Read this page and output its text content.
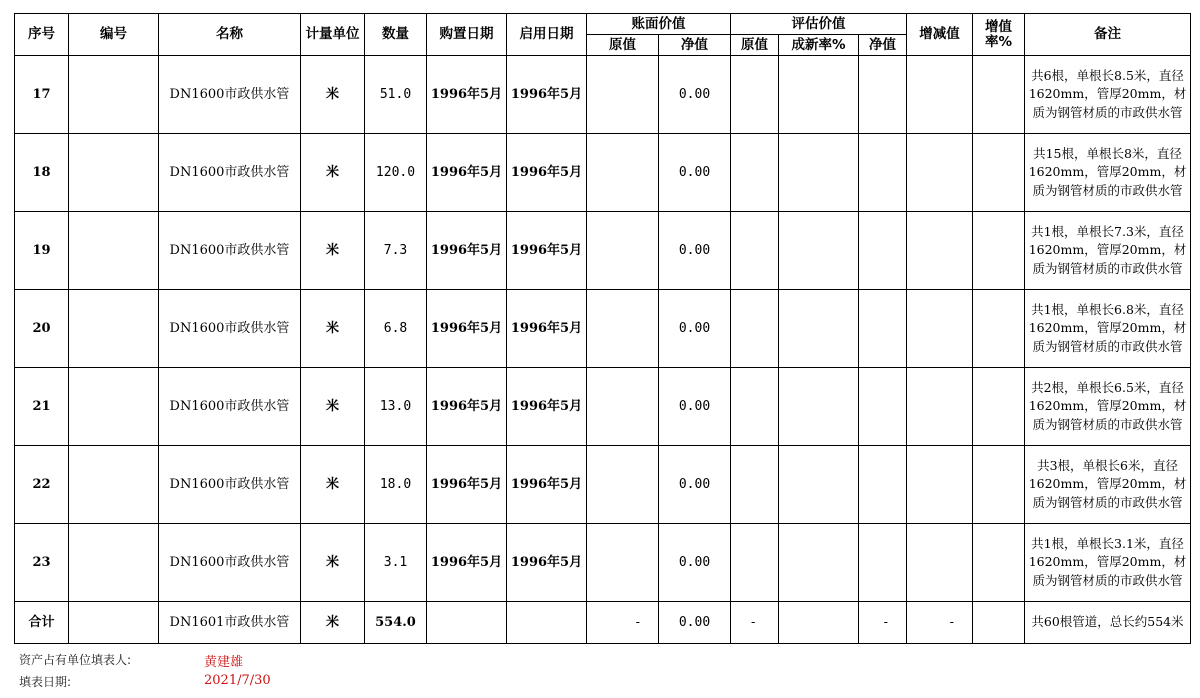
序号	编号	名称	计量单位	数量	购置日期	启用日期	账面价值		评估价值			增减值	增值率%	备注
							原值	净值	原值	成新率%	净值			
17		DN1600市政供水管	米	51.0	1996年5月	1996年5月		0.00						共6根，单根长8.5米，直径1620mm，管厚20mm，材质为钢管材质的市政供水管
18		DN1600市政供水管	米	120.0	1996年5月	1996年5月		0.00						共15根，单根长8米，直径1620mm，管厚20mm，材质为钢管材质的市政供水管
19		DN1600市政供水管	米	7.3	1996年5月	1996年5月		0.00						共1根，单根长7.3米，直径1620mm，管厚20mm，材质为钢管材质的市政供水管
20		DN1600市政供水管	米	6.8	1996年5月	1996年5月		0.00						共1根，单根长6.8米，直径1620mm，管厚20mm，材质为钢管材质的市政供水管
21		DN1600市政供水管	米	13.0	1996年5月	1996年5月		0.00						共2根，单根长6.5米，直径1620mm，管厚20mm，材质为钢管材质的市政供水管
22		DN1600市政供水管	米	18.0	1996年5月	1996年5月		0.00						共3根，单根长6米，直径1620mm，管厚20mm，材质为钢管材质的市政供水管
23		DN1600市政供水管	米	3.1	1996年5月	1996年5月		0.00						共1根，单根长3.1米，直径1620mm，管厚20mm，材质为钢管材质的市政供水管
合计		DN1601市政供水管	米	554.0			-	0.00	-		-	-		共60根管道，总长约554米
资产占有单位填表人:	黄建雄
填表日期:	2021/7/30
